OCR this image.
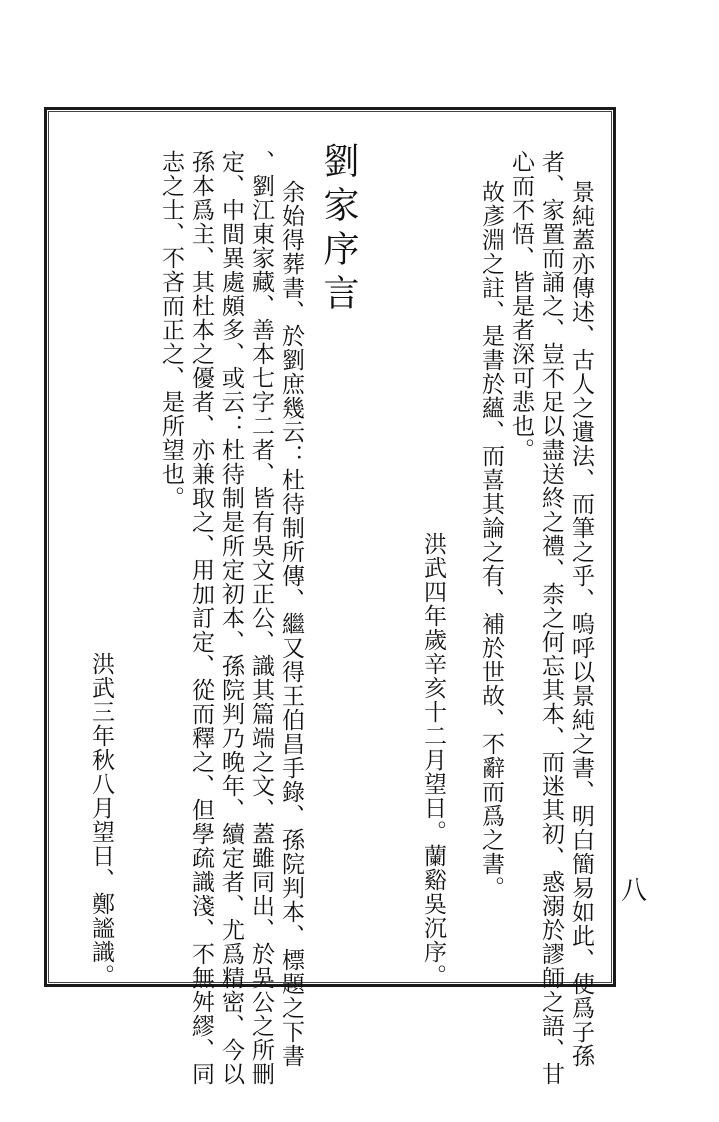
景純蓋亦傳述、古人之遺法、而筆之乎、嗚呼以景純之書、明白簡易如此、使爲子孫
者、家置而誦之、豈不足以盡送終之禮、柰之何忘其本、而迷其初、惑溺於謬師之語、甘
心而不悟、皆是者深可悲也。
故彥淵之註、是書於蘊、而喜其論之有、補於世故、不辭而爲之書。
洪武四年歲辛亥十二月望日。蘭谿吳沉序。
劉家序言
余始得葬書、於劉庶幾云：杜待制所傳、繼又得王伯昌手錄、孫院判本、標題之下書
、劉江東家藏、善本七字二者、皆有吳文正公、識其篇端之文、蓋雖同出、於吳公之所刪
定、中間異處頗多、或云：杜待制是所定初本、孫院判乃晚年、續定者、尤爲精密、今以
孫本爲主、其杜本之優者、亦兼取之、用加訂定、從而釋之、但學疏識淺、不無舛繆、同
志之士、不吝而正之、是所望也。
洪武三年秋八月望日、鄭謐識。	八
